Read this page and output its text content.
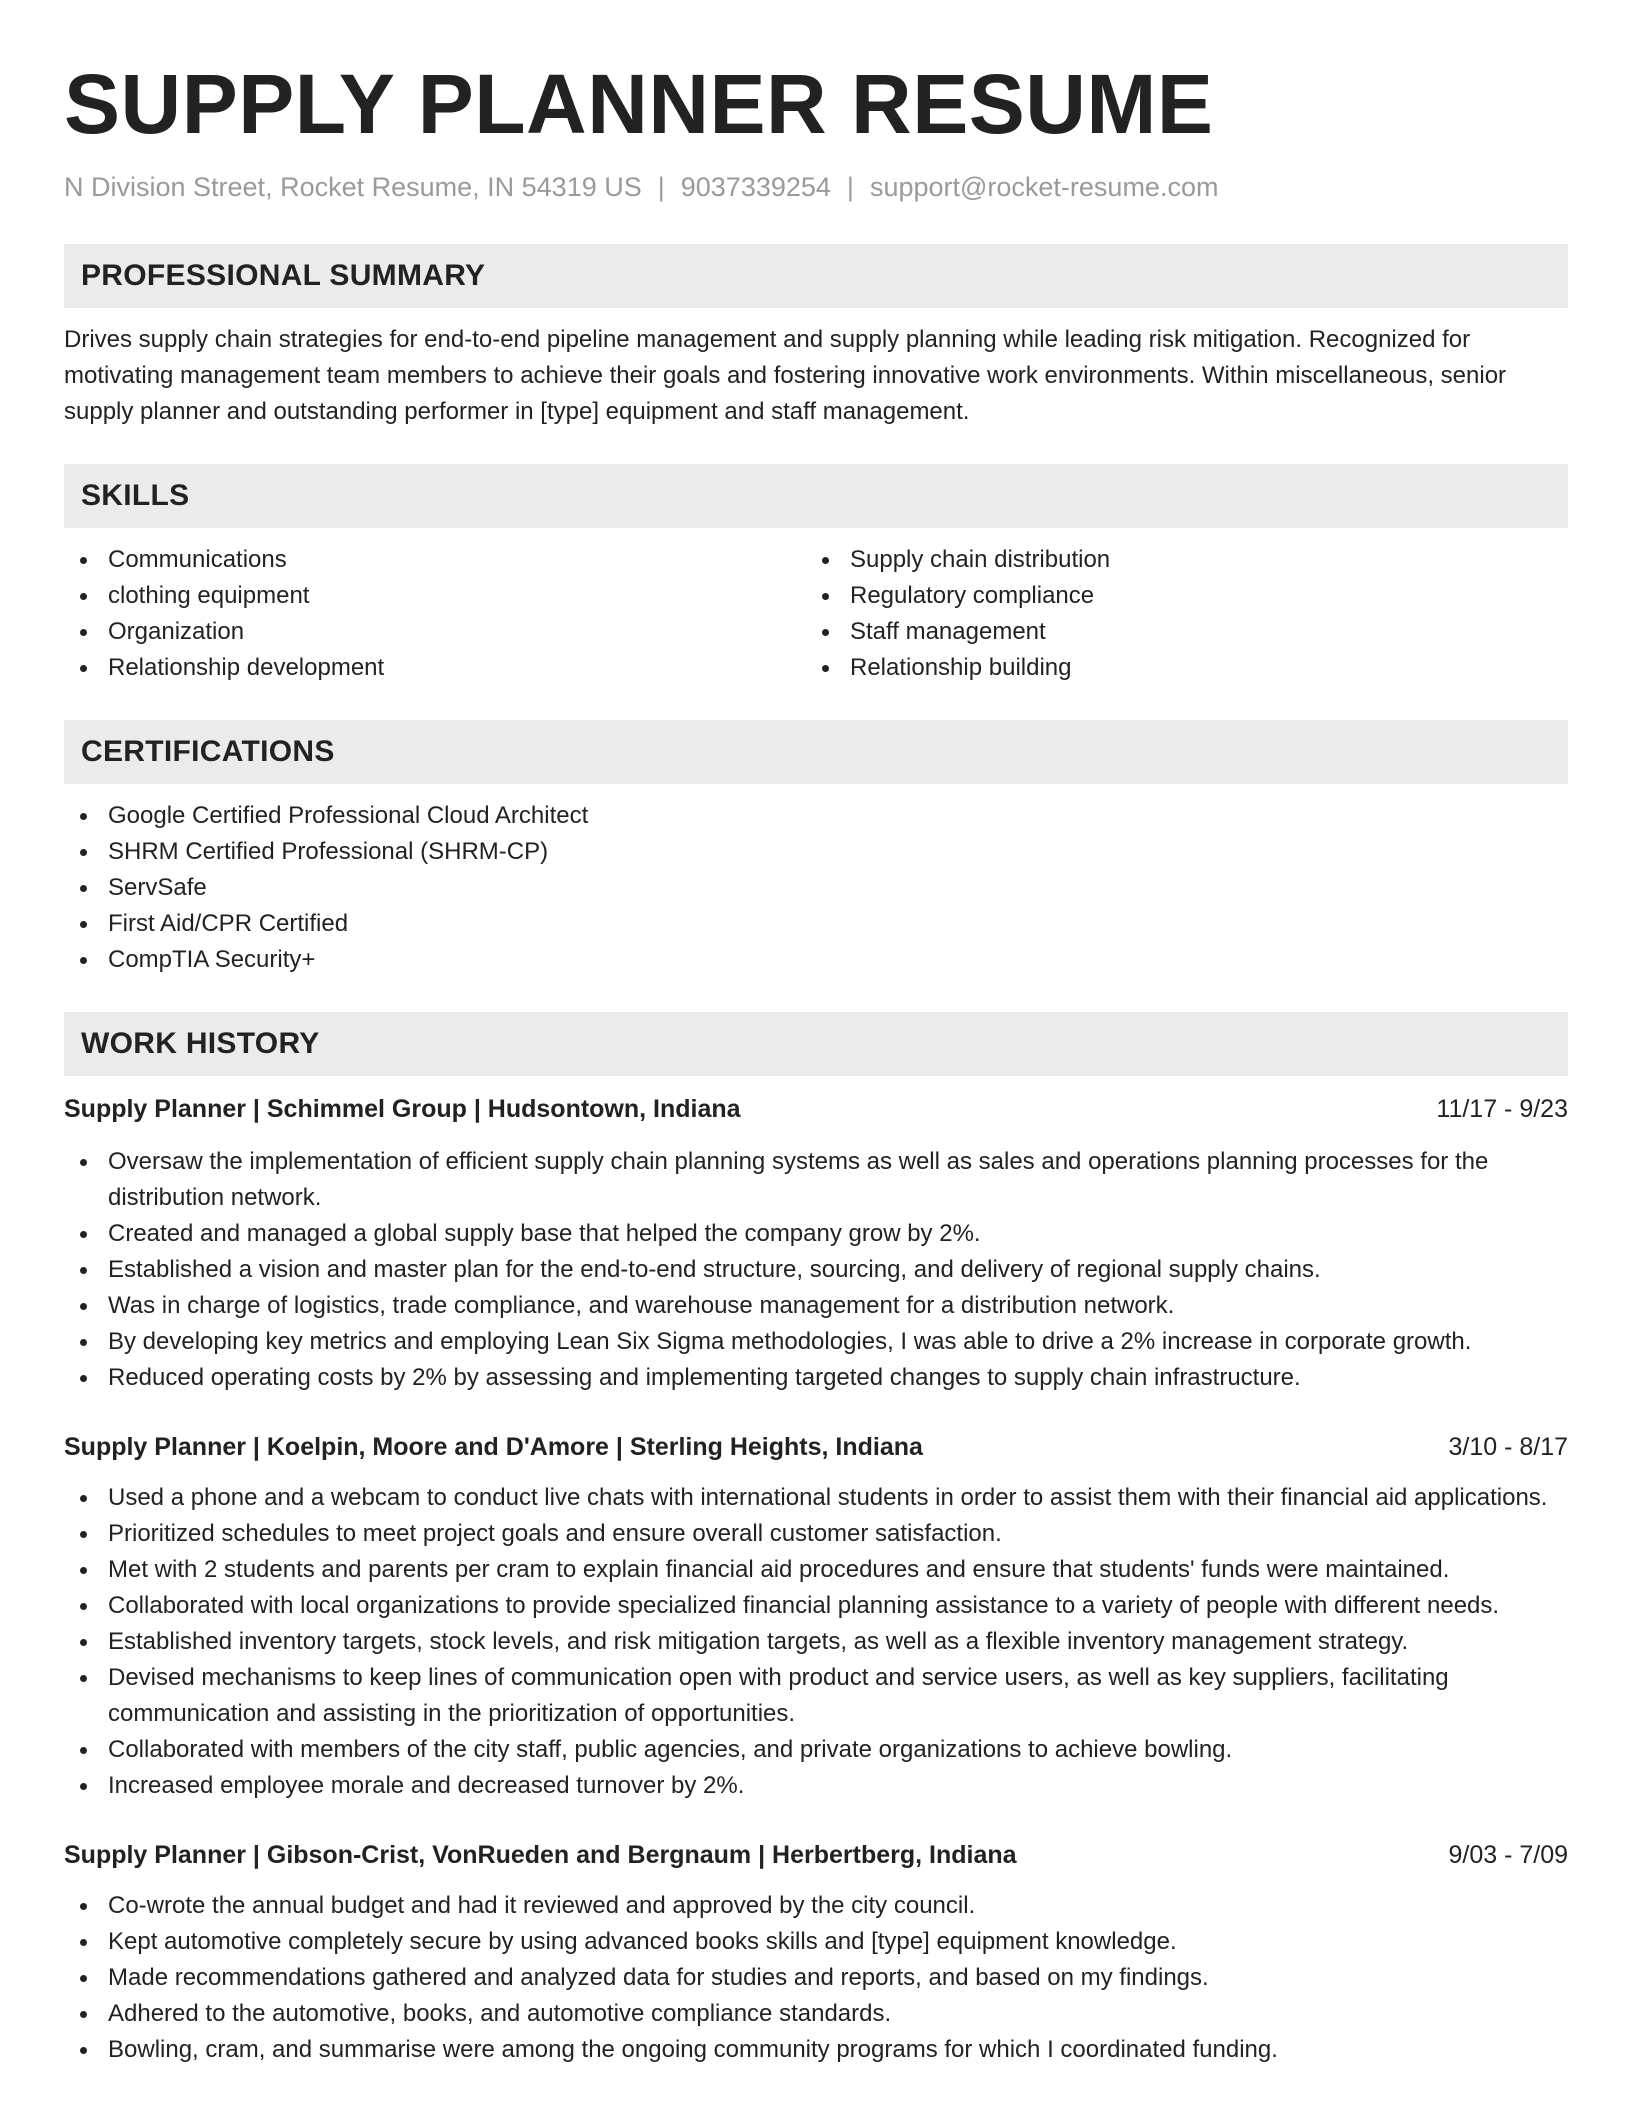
SUPPLY PLANNER RESUME
N Division Street, Rocket Resume, IN 54319 US | 9037339254 | support@rocket-resume.com
PROFESSIONAL SUMMARY

Drives supply chain strategies for end-to-end pipeline management and supply planning while leading risk mitigation. Recognized for motivating management team members to achieve their goals and fostering innovative work environments. Within miscellaneous, senior supply planner and outstanding performer in [type] equipment and staff management.

SKILLS
Communications
clothing equipment
Organization
Relationship development
Supply chain distribution
Regulatory compliance
Staff management
Relationship building
CERTIFICATIONS
Google Certified Professional Cloud Architect
SHRM Certified Professional (SHRM-CP)
ServSafe
First Aid/CPR Certified
CompTIA Security+
WORK HISTORY
Supply Planner | Schimmel Group | Hudsontown, Indiana	11/17 - 9/23
Oversaw the implementation of efficient supply chain planning systems as well as sales and operations planning processes for the distribution network.
Created and managed a global supply base that helped the company grow by 2%.
Established a vision and master plan for the end-to-end structure, sourcing, and delivery of regional supply chains.
Was in charge of logistics, trade compliance, and warehouse management for a distribution network.
By developing key metrics and employing Lean Six Sigma methodologies, I was able to drive a 2% increase in corporate growth.
Reduced operating costs by 2% by assessing and implementing targeted changes to supply chain infrastructure.
Supply Planner | Koelpin, Moore and D'Amore | Sterling Heights, Indiana	3/10 - 8/17
Used a phone and a webcam to conduct live chats with international students in order to assist them with their financial aid applications.
Prioritized schedules to meet project goals and ensure overall customer satisfaction.
Met with 2 students and parents per cram to explain financial aid procedures and ensure that students' funds were maintained.
Collaborated with local organizations to provide specialized financial planning assistance to a variety of people with different needs.
Established inventory targets, stock levels, and risk mitigation targets, as well as a flexible inventory management strategy.
Devised mechanisms to keep lines of communication open with product and service users, as well as key suppliers, facilitating communication and assisting in the prioritization of opportunities.
Collaborated with members of the city staff, public agencies, and private organizations to achieve bowling.
Increased employee morale and decreased turnover by 2%.
Supply Planner | Gibson-Crist, VonRueden and Bergnaum | Herbertberg, Indiana	9/03 - 7/09
Co-wrote the annual budget and had it reviewed and approved by the city council.
Kept automotive completely secure by using advanced books skills and [type] equipment knowledge.
Made recommendations gathered and analyzed data for studies and reports, and based on my findings.
Adhered to the automotive, books, and automotive compliance standards.
Bowling, cram, and summarise were among the ongoing community programs for which I coordinated funding.
